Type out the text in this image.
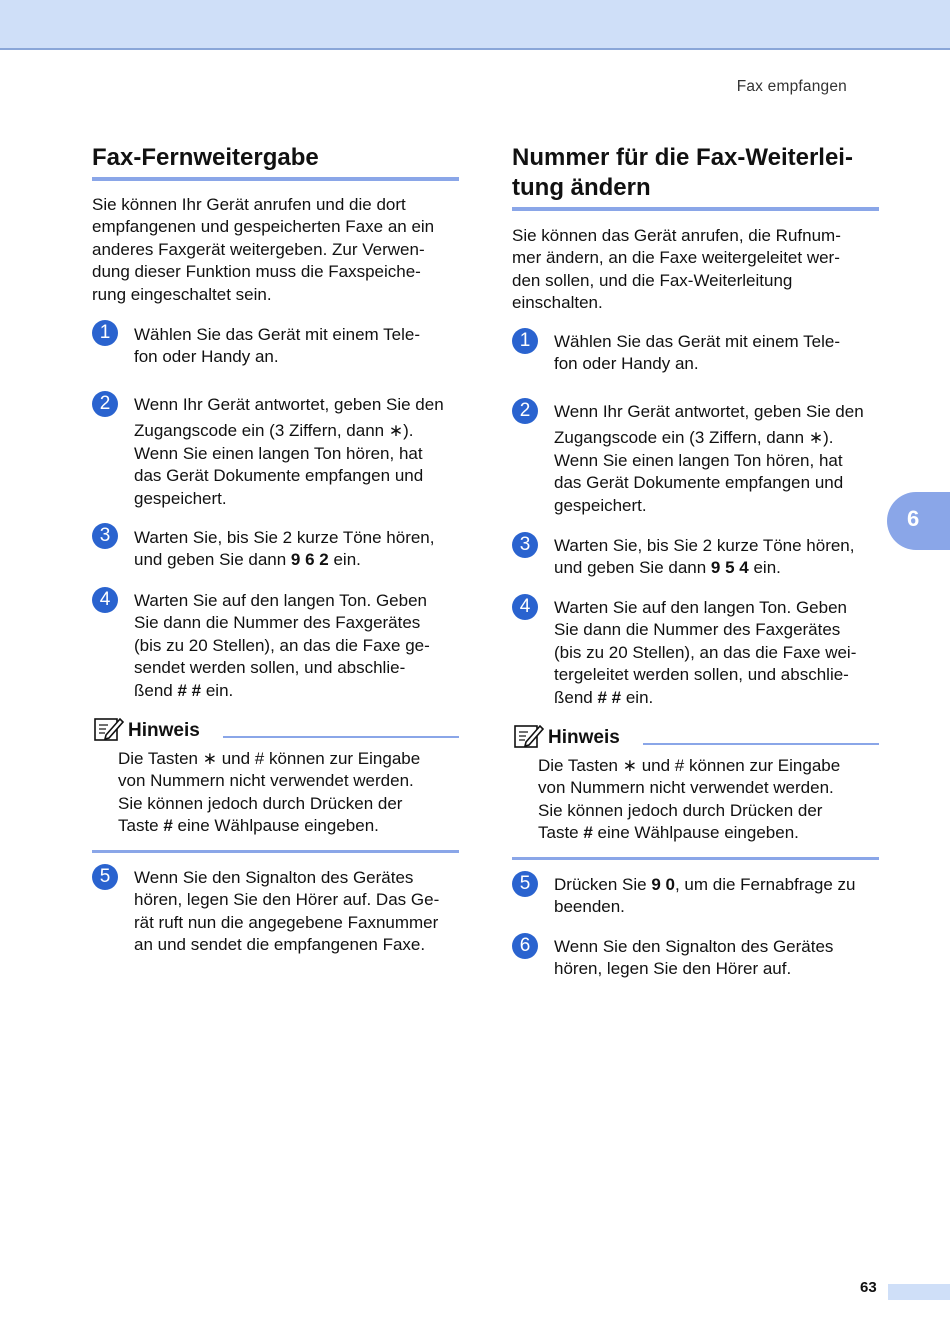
Fax empfangen
Fax-Fernweitergabe

Sie können Ihr Gerät anrufen und die dort
empfangenen und gespeicherten Faxe an ein
anderes Faxgerät weitergeben. Zur Verwen-
dung dieser Funktion muss die Faxspeiche-
rung eingeschaltet sein.

1	Wählen Sie das Gerät mit einem Tele-
fon oder Handy an.
2	Wenn Ihr Gerät antwortet, geben Sie den
Zugangscode ein (3 Ziffern, dann ∗).
Wenn Sie einen langen Ton hören, hat
das Gerät Dokumente empfangen und
gespeichert.
3	Warten Sie, bis Sie 2 kurze Töne hören,
und geben Sie dann 9 6 2 ein.
4	Warten Sie auf den langen Ton. Geben
Sie dann die Nummer des Faxgerätes
(bis zu 20 Stellen), an das die Faxe ge-
sendet werden sollen, und abschlie-
ßend # # ein.
Hinweis
Die Tasten ∗ und # können zur Eingabe
von Nummern nicht verwendet werden.
Sie können jedoch durch Drücken der
Taste # eine Wählpause eingeben.
5	Wenn Sie den Signalton des Gerätes
hören, legen Sie den Hörer auf. Das Ge-
rät ruft nun die angegebene Faxnummer
an und sendet die empfangenen Faxe.
Nummer für die Fax-Weiterlei-
tung ändern

Sie können das Gerät anrufen, die Rufnum-
mer ändern, an die Faxe weitergeleitet wer-
den sollen, und die Fax-Weiterleitung
einschalten.

1	Wählen Sie das Gerät mit einem Tele-
fon oder Handy an.
2	Wenn Ihr Gerät antwortet, geben Sie den
Zugangscode ein (3 Ziffern, dann ∗).
Wenn Sie einen langen Ton hören, hat
das Gerät Dokumente empfangen und
gespeichert.
3	Warten Sie, bis Sie 2 kurze Töne hören,
und geben Sie dann 9 5 4 ein.
4	Warten Sie auf den langen Ton. Geben
Sie dann die Nummer des Faxgerätes
(bis zu 20 Stellen), an das die Faxe wei-
tergeleitet werden sollen, und abschlie-
ßend # # ein.
Hinweis
Die Tasten ∗ und # können zur Eingabe
von Nummern nicht verwendet werden.
Sie können jedoch durch Drücken der
Taste # eine Wählpause eingeben.
5	Drücken Sie 9 0, um die Fernabfrage zu
beenden.
6	Wenn Sie den Signalton des Gerätes
hören, legen Sie den Hörer auf.
6
63
